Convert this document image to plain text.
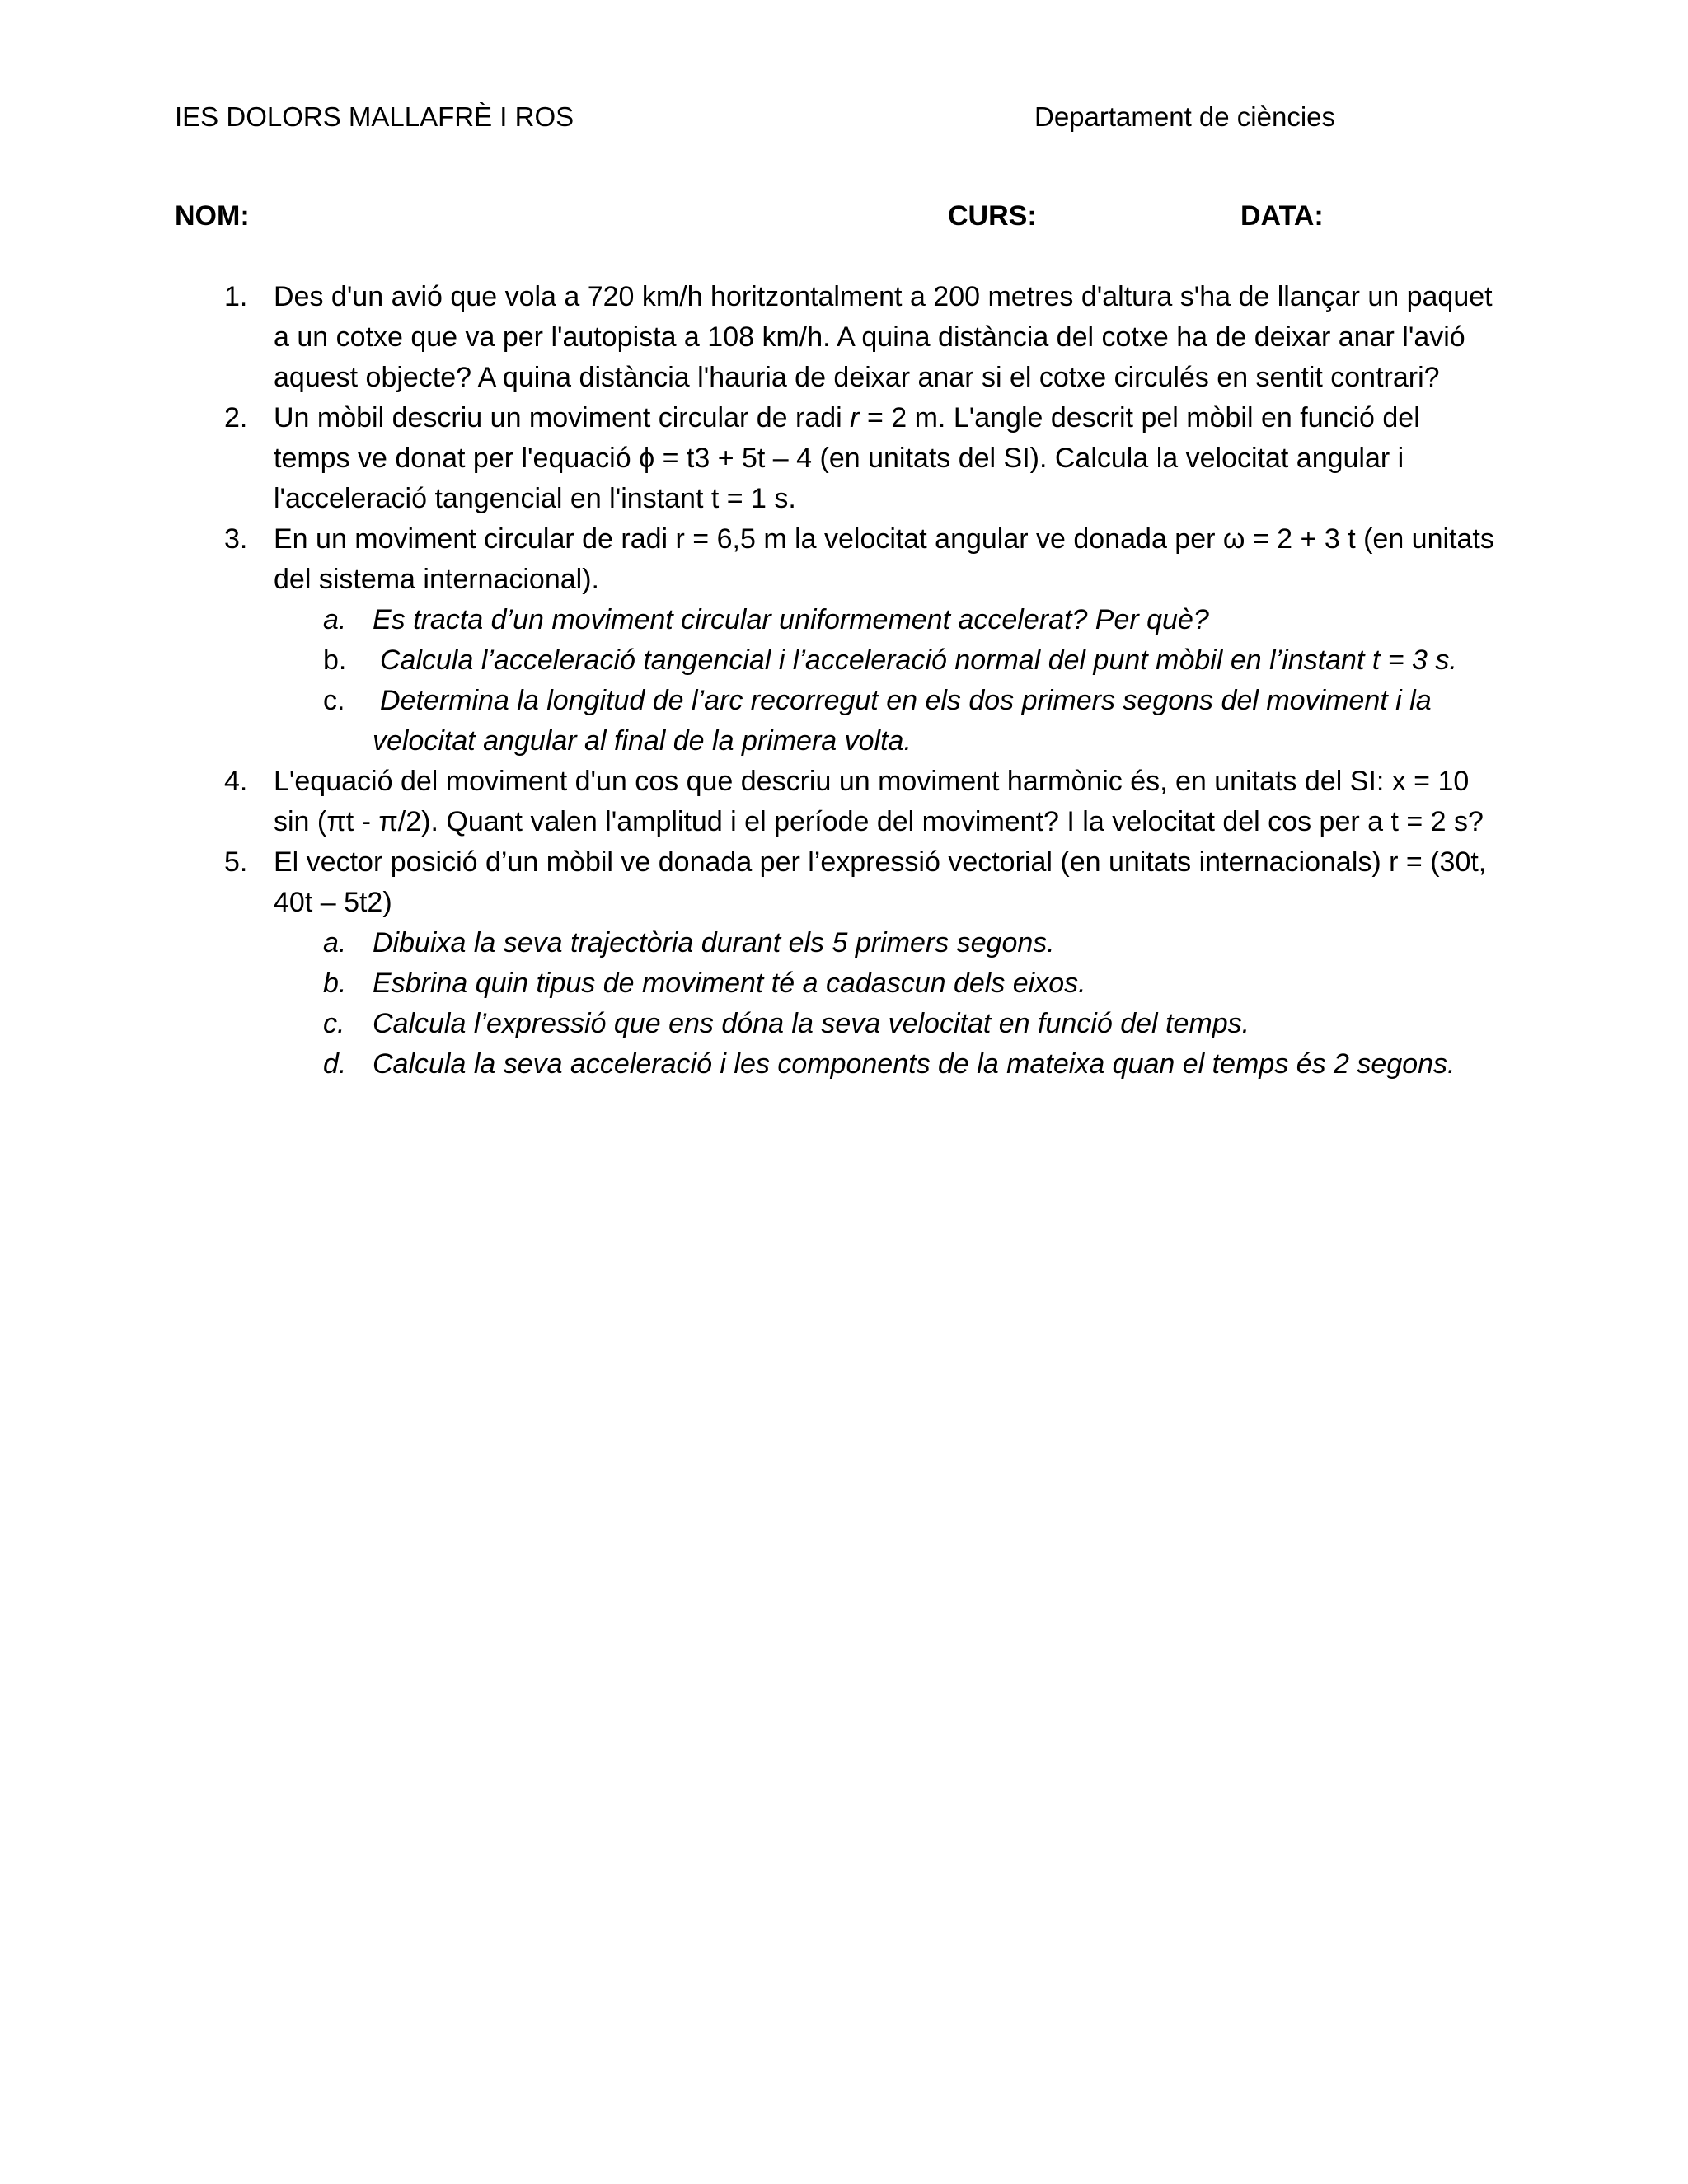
IES DOLORS MALLAFRÈ I ROS	Departament de ciències
NOM:	CURS:	DATA:
1. Des d'un avió que vola a 720 km/h horitzontalment a 200 metres d'altura s'ha de llançar un paquet a un cotxe que va per l'autopista a 108 km/h. A quina distància del cotxe ha de deixar anar l'avió aquest objecte? A quina distància l'hauria de deixar anar si el cotxe circulés en sentit contrari?
2. Un mòbil descriu un moviment circular de radi r = 2 m. L'angle descrit pel mòbil en funció del temps ve donat per l'equació ϕ = t3 + 5t – 4 (en unitats del SI). Calcula la velocitat angular i l'acceleració tangencial en l'instant t = 1 s.
3. En un moviment circular de radi r = 6,5 m la velocitat angular ve donada per ω = 2 + 3 t (en unitats del sistema internacional).
a. Es tracta d’un moviment circular uniformement accelerat? Per què?
b. Calcula l’acceleració tangencial i l’acceleració normal del punt mòbil en l’instant t = 3 s.
c. Determina la longitud de l’arc recorregut en els dos primers segons del moviment i la velocitat angular al final de la primera volta.
4. L'equació del moviment d'un cos que descriu un moviment harmònic és, en unitats del SI: x = 10 sin (πt - π/2). Quant valen l'amplitud i el període del moviment? I la velocitat del cos per a t = 2 s?
5. El vector posició d’un mòbil ve donada per l’expressió vectorial (en unitats internacionals) r = (30t, 40t – 5t2)
a. Dibuixa la seva trajectòria durant els 5 primers segons.
b. Esbrina quin tipus de moviment té a cadascun dels eixos.
c. Calcula l’expressió que ens dóna la seva velocitat en funció del temps.
d. Calcula la seva acceleració i les components de la mateixa quan el temps és 2 segons.
